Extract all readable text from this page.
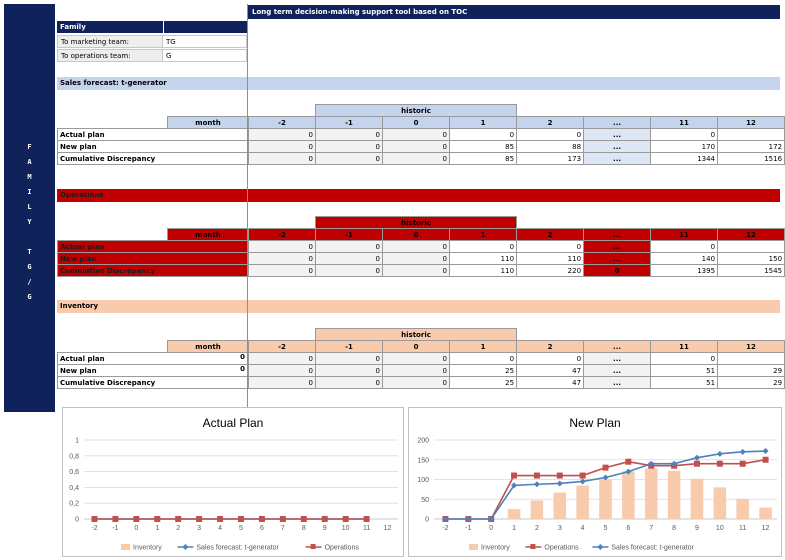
F
A
M
I
L
Y

T
G
/
G
Long term decision-making support tool based on TOC
Family
To marketing team:	TG
To operations team:	G
Sales forecast: t-generator
Operations
Inventory
			historic						
	month	-2	-1	0	1	2	...	11	12
Actual plan		0	0	0	0	0	...	0	
New plan		0	0	0	85	88	...	170	172
Cumulative Discrepancy		0	0	0	85	173	...	1344	1516
			historic						
	month	-2	-1	0	1	2	...	11	12
Actual plan		0	0	0	0	0	...	0	
New plan		0	0	0	110	110	...	140	150
Cumulative Discrepancy		0	0	0	110	220	0	1395	1545
			historic						
	month	-2	-1	0	1	2	...	11	12
Actual plan 0		0	0	0	0	0	...	0	
New plan 0		0	0	0	25	47	...	51	29
Cumulative Discrepancy		0	0	0	25	47	...	51	29
Actual Plan
0
0,2
0,4
0,6
0,8
1
-2 -1 0 1 2 3 4 5 6 7 8 9 10 11 12
Inventory	Sales forecast: t-generator	Operations
New Plan
0
50
100
150
200
-2 -1	0	1	2	3	4	5	6	7	8	9 10 11 12
Inventory	Operations	Sales forecast: t-generator
